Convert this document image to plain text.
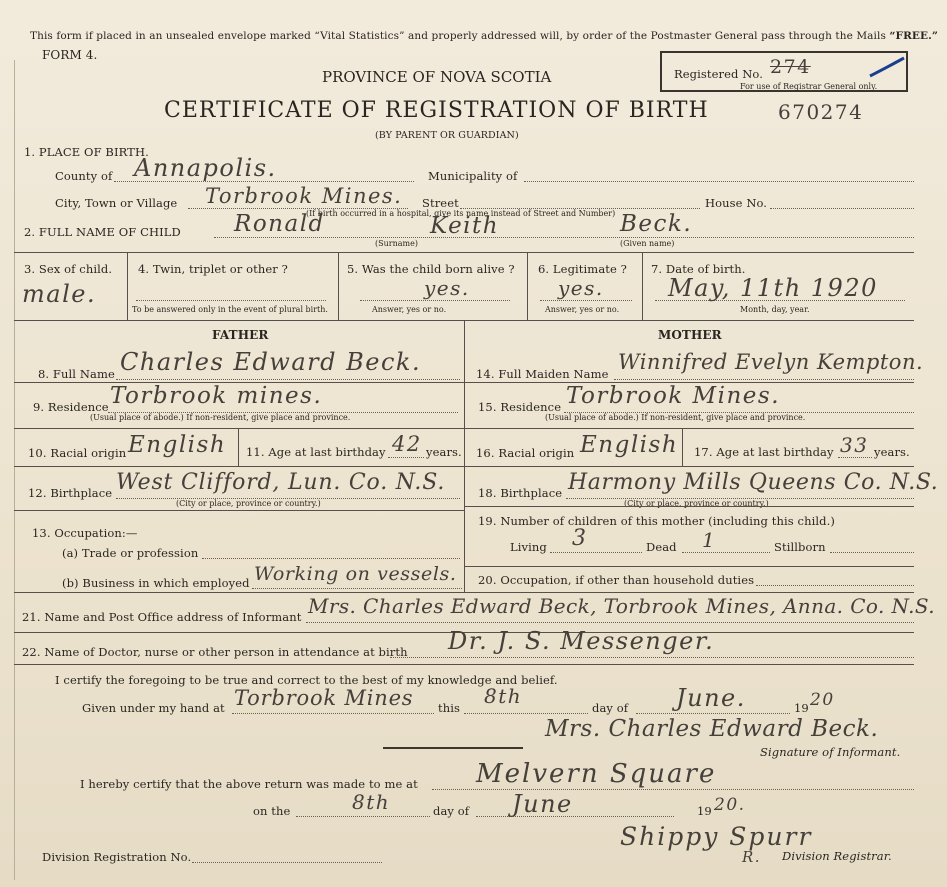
This form if placed in an unsealed envelope marked “Vital Statistics” and properly addressed will, by order of the Postmaster General pass through the Mails “FREE.”
FORM 4.
PROVINCE OF NOVA SCOTIA
CERTIFICATE OF REGISTRATION OF BIRTH	670274
(BY PARENT OR GUARDIAN)
Registered No. 274
For use of Registrar General only.
1. PLACE OF BIRTH.
County of Annapolis.	Municipality of
City, Town or Village Torbrook Mines. Street	House No.
(If birth occurred in a hospital, give its name instead of Street and Number)
2. FULL NAME OF CHILD Ronald	Keith	Beck.
(Surname)	(Given name)
3. Sex of child.
male.
4. Twin, triplet or other ?
To be answered only in the event of plural birth.
5. Was the child born alive ?
yes.
Answer, yes or no.
6. Legitimate ?
yes.
Answer, yes or no.
7. Date of birth.
May, 11th 1920
Month, day, year.
FATHER	MOTHER
8. Full Name Charles Edward Beck.	14. Full Maiden Name Winnifred Evelyn Kempton.
9. Residence Torbrook mines.
(Usual place of abode.) If non-resident, give place and province.
15. Residence Torbrook Mines.
(Usual place of abode.) If non-resident, give place and province.
10. Racial origin English 11. Age at last birthday 42 years. 16. Racial origin English 17. Age at last birthday 33 years.
12. Birthplace West Clifford, Lun. Co. N.S.
(City or place, province or country.)
18. Birthplace Harmony Mills Queens Co. N.S.
(City or place, province or country.)
13. Occupation:—
(a) Trade or profession
(b) Business in which employed Working on vessels.
19. Number of children of this mother (including this child.)
Living 3	Dead 1	Stillborn
20. Occupation, if other than household duties
21. Name and Post Office address of Informant Mrs. Charles Edward Beck, Torbrook Mines, Anna. Co. N.S.
22. Name of Doctor, nurse or other person in attendance at birth Dr. J. S. Messenger.
I certify the foregoing to be true and correct to the best of my knowledge and belief.
Given under my hand at Torbrook Mines this 8th	day of June.	19 20
Mrs. Charles Edward Beck.
Signature of Informant.
I hereby certify that the above return was made to me at Melvern Square
on the	8th	day of June	19 20.
Shippy Spurr
R. Division Registrar.
Division Registration No.
